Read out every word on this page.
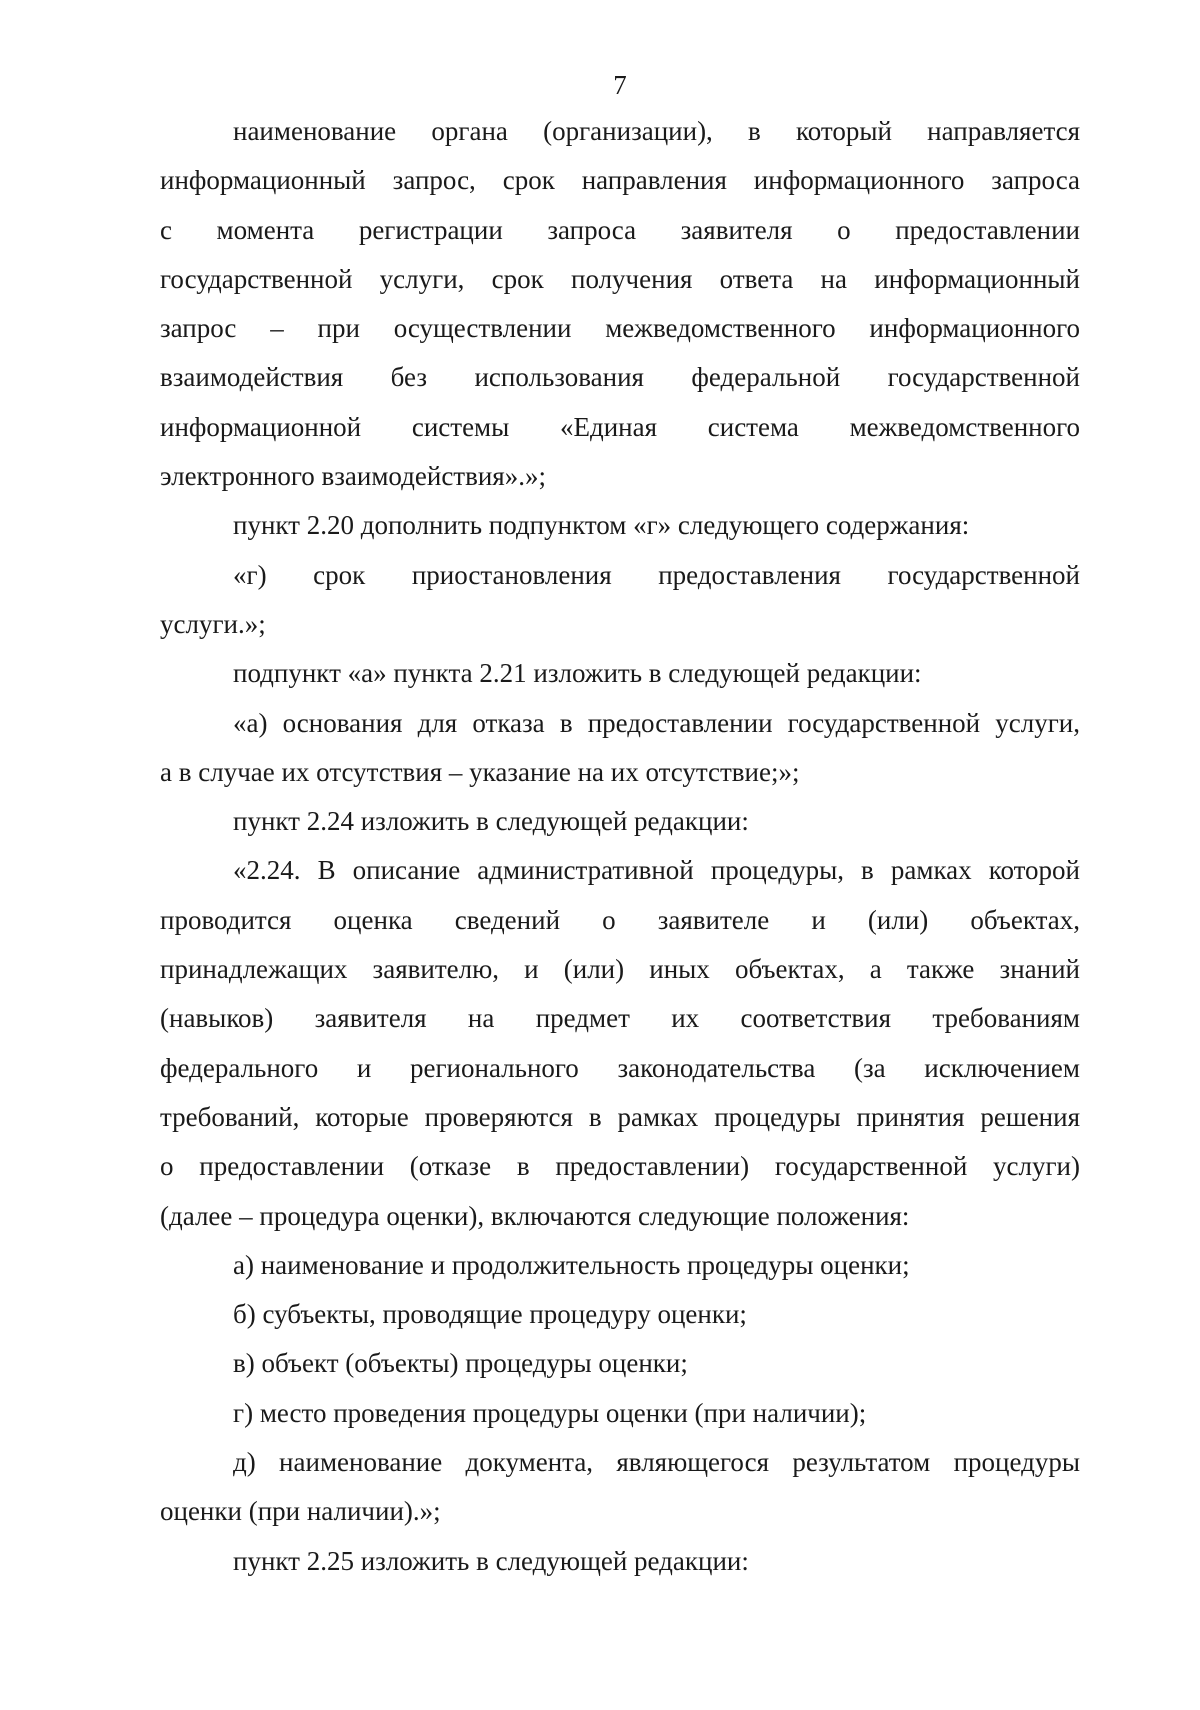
7
наименование органа (организации), в который направляется
информационный запрос, срок направления информационного запроса
с момента регистрации запроса заявителя о предоставлении
государственной услуги, срок получения ответа на информационный
запрос – при осуществлении межведомственного информационного
взаимодействия без использования федеральной государственной
информационной системы «Единая система межведомственного
электронного взаимодействия».»;
пункт 2.20 дополнить подпунктом «г» следующего содержания:
«г) срок приостановления предоставления государственной
услуги.»;
подпункт «а» пункта 2.21 изложить в следующей редакции:
«а) основания для отказа в предоставлении государственной услуги,
а в случае их отсутствия – указание на их отсутствие;»;
пункт 2.24 изложить в следующей редакции:
«2.24. В описание административной процедуры, в рамках которой
проводится оценка сведений о заявителе и (или) объектах,
принадлежащих заявителю, и (или) иных объектах, а также знаний
(навыков) заявителя на предмет их соответствия требованиям
федерального и регионального законодательства (за исключением
требований, которые проверяются в рамках процедуры принятия решения
о предоставлении (отказе в предоставлении) государственной услуги)
(далее – процедура оценки), включаются следующие положения:
а) наименование и продолжительность процедуры оценки;
б) субъекты, проводящие процедуру оценки;
в) объект (объекты) процедуры оценки;
г) место проведения процедуры оценки (при наличии);
д) наименование документа, являющегося результатом процедуры
оценки (при наличии).»;
пункт 2.25 изложить в следующей редакции:
